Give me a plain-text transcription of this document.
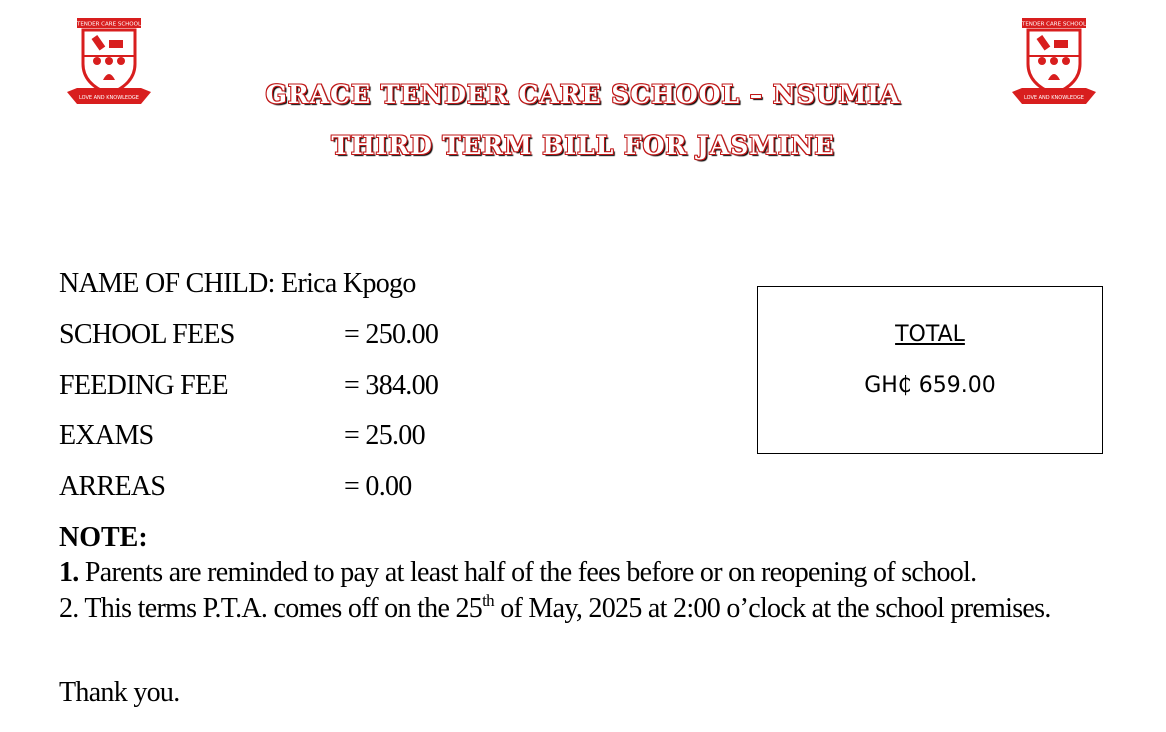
TENDER CARE SCHOOL
LOVE AND KNOWLEDGE
TENDER CARE SCHOOL
LOVE AND KNOWLEDGE
GRACE TENDER CARE SCHOOL – NSUMIA
THIRD TERM BILL FOR JASMINE
NAME OF CHILD: Erica Kpogo
SCHOOL FEES	= 250.00
FEEDING FEE	= 384.00
EXAMS	= 25.00
ARREAS	= 0.00
TOTAL
GH₵ 659.00
NOTE:
1. Parents are reminded to pay at least half of the fees before or on reopening of school.
2. This terms P.T.A. comes off on the 25th of May, 2025 at 2:00 o’clock at the school premises.
Thank you.
